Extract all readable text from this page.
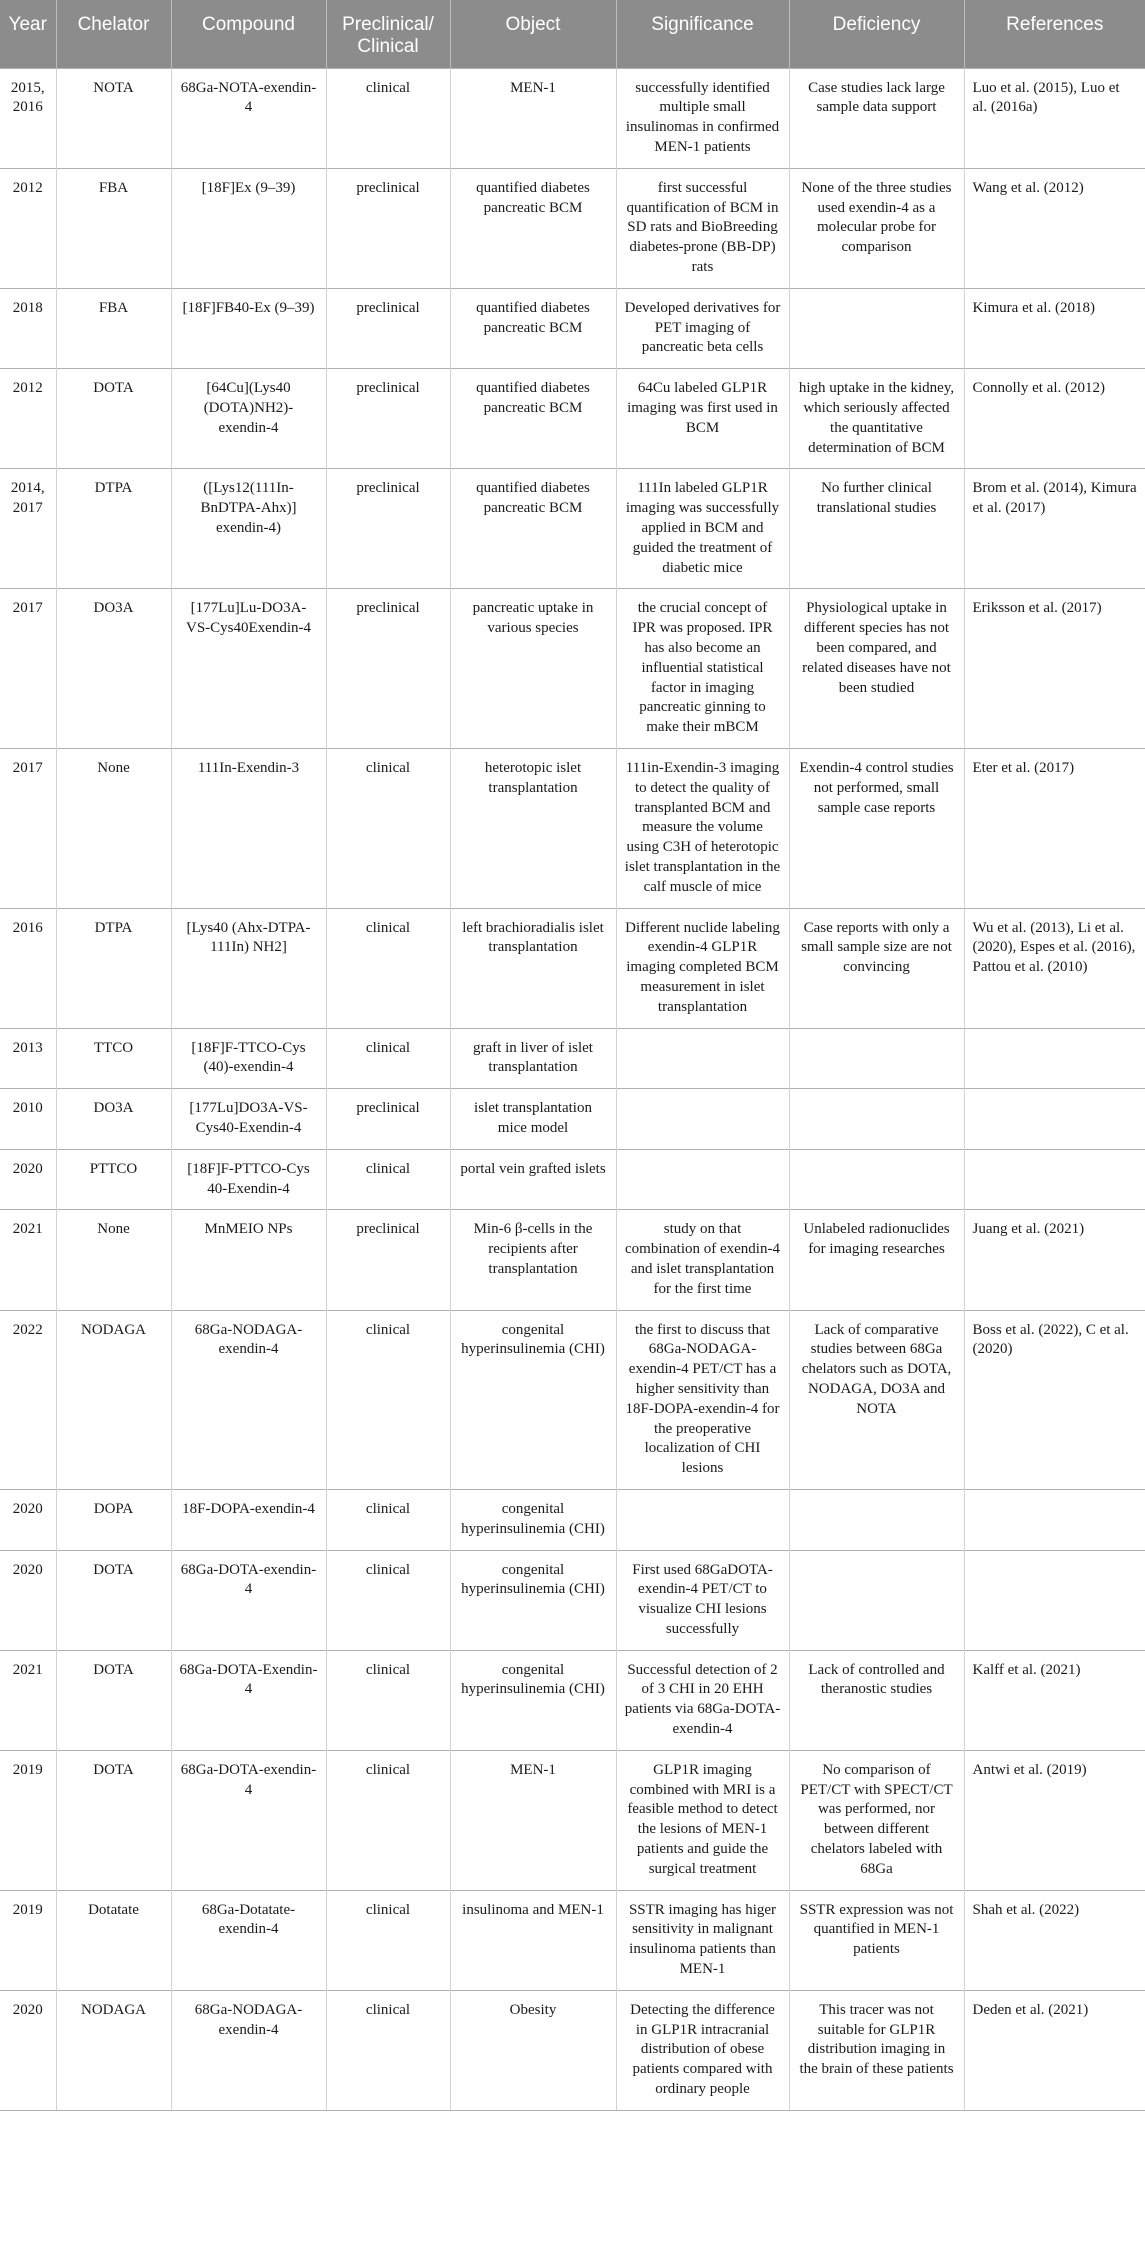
Year	Chelator	Compound	Preclinical/ Clinical	Object	Significance	Deficiency	References
2015, 2016	NOTA	68Ga-NOTA-exendin-4	clinical	MEN-1	successfully identified multiple small insulinomas in confirmed MEN-1 patients	Case studies lack large sample data support	Luo et al. (2015), Luo et al. (2016a)
2012	FBA	[18F]Ex (9–39)	preclinical	quantified diabetes pancreatic BCM	first successful quantification of BCM in SD rats and BioBreeding diabetes-prone (BB-DP) rats	None of the three studies used exendin-4 as a molecular probe for comparison	Wang et al. (2012)
2018	FBA	[18F]FB40-Ex (9–39)	preclinical	quantified diabetes pancreatic BCM	Developed derivatives for PET imaging of pancreatic beta cells		Kimura et al. (2018)
2012	DOTA	[64Cu](Lys40 (DOTA)NH2)-exendin-4	preclinical	quantified diabetes pancreatic BCM	64Cu labeled GLP1R imaging was first used in BCM	high uptake in the kidney, which seriously affected the quantitative determination of BCM	Connolly et al. (2012)
2014, 2017	DTPA	([Lys12(111In-BnDTPA-Ahx)] exendin-4)	preclinical	quantified diabetes pancreatic BCM	111In labeled GLP1R imaging was successfully applied in BCM and guided the treatment of diabetic mice	No further clinical translational studies	Brom et al. (2014), Kimura et al. (2017)
2017	DO3A	[177Lu]Lu-DO3A-VS-Cys40Exendin-4	preclinical	pancreatic uptake in various species	the crucial concept of IPR was proposed. IPR has also become an influential statistical factor in imaging pancreatic ginning to make their mBCM	Physiological uptake in different species has not been compared, and related diseases have not been studied	Eriksson et al. (2017)
2017	None	111In-Exendin-3	clinical	heterotopic islet transplantation	111in-Exendin-3 imaging to detect the quality of transplanted BCM and measure the volume using C3H of heterotopic islet transplantation in the calf muscle of mice	Exendin-4 control studies not performed, small sample case reports	Eter et al. (2017)
2016	DTPA	[Lys40 (Ahx-DTPA-111In) NH2]	clinical	left brachioradialis islet transplantation	Different nuclide labeling exendin-4 GLP1R imaging completed BCM measurement in islet transplantation	Case reports with only a small sample size are not convincing	Wu et al. (2013), Li et al. (2020), Espes et al. (2016), Pattou et al. (2010)
2013	TTCO	[18F]F-TTCO-Cys (40)-exendin-4	clinical	graft in liver of islet transplantation			
2010	DO3A	[177Lu]DO3A-VS-Cys40-Exendin-4	preclinical	islet transplantation mice model			
2020	PTTCO	[18F]F-PTTCO-Cys 40-Exendin-4	clinical	portal vein grafted islets			
2021	None	MnMEIO NPs	preclinical	Min-6 β-cells in the recipients after transplantation	study on that combination of exendin-4 and islet transplantation for the first time	Unlabeled radionuclides for imaging researches	Juang et al. (2021)
2022	NODAGA	68Ga-NODAGA-exendin-4	clinical	congenital hyperinsulinemia (CHI)	the first to discuss that 68Ga-NODAGA-exendin-4 PET/CT has a higher sensitivity than 18F-DOPA-exendin-4 for the preoperative localization of CHI lesions	Lack of comparative studies between 68Ga chelators such as DOTA, NODAGA, DO3A and NOTA	Boss et al. (2022), C et al. (2020)
2020	DOPA	18F-DOPA-exendin-4	clinical	congenital hyperinsulinemia (CHI)			
2020	DOTA	68Ga-DOTA-exendin-4	clinical	congenital hyperinsulinemia (CHI)	First used 68GaDOTA-exendin-4 PET/CT to visualize CHI lesions successfully		
2021	DOTA	68Ga-DOTA-Exendin-4	clinical	congenital hyperinsulinemia (CHI)	Successful detection of 2 of 3 CHI in 20 EHH patients via 68Ga-DOTA-exendin-4	Lack of controlled and theranostic studies	Kalff et al. (2021)
2019	DOTA	68Ga-DOTA-exendin-4	clinical	MEN-1	GLP1R imaging combined with MRI is a feasible method to detect the lesions of MEN-1 patients and guide the surgical treatment	No comparison of PET/CT with SPECT/CT was performed, nor between different chelators labeled with 68Ga	Antwi et al. (2019)
2019	Dotatate	68Ga-Dotatate-exendin-4	clinical	insulinoma and MEN-1	SSTR imaging has higer sensitivity in malignant insulinoma patients than MEN-1	SSTR expression was not quantified in MEN-1 patients	Shah et al. (2022)
2020	NODAGA	68Ga-NODAGA-exendin-4	clinical	Obesity	Detecting the difference in GLP1R intracranial distribution of obese patients compared with ordinary people	This tracer was not suitable for GLP1R distribution imaging in the brain of these patients	Deden et al. (2021)
